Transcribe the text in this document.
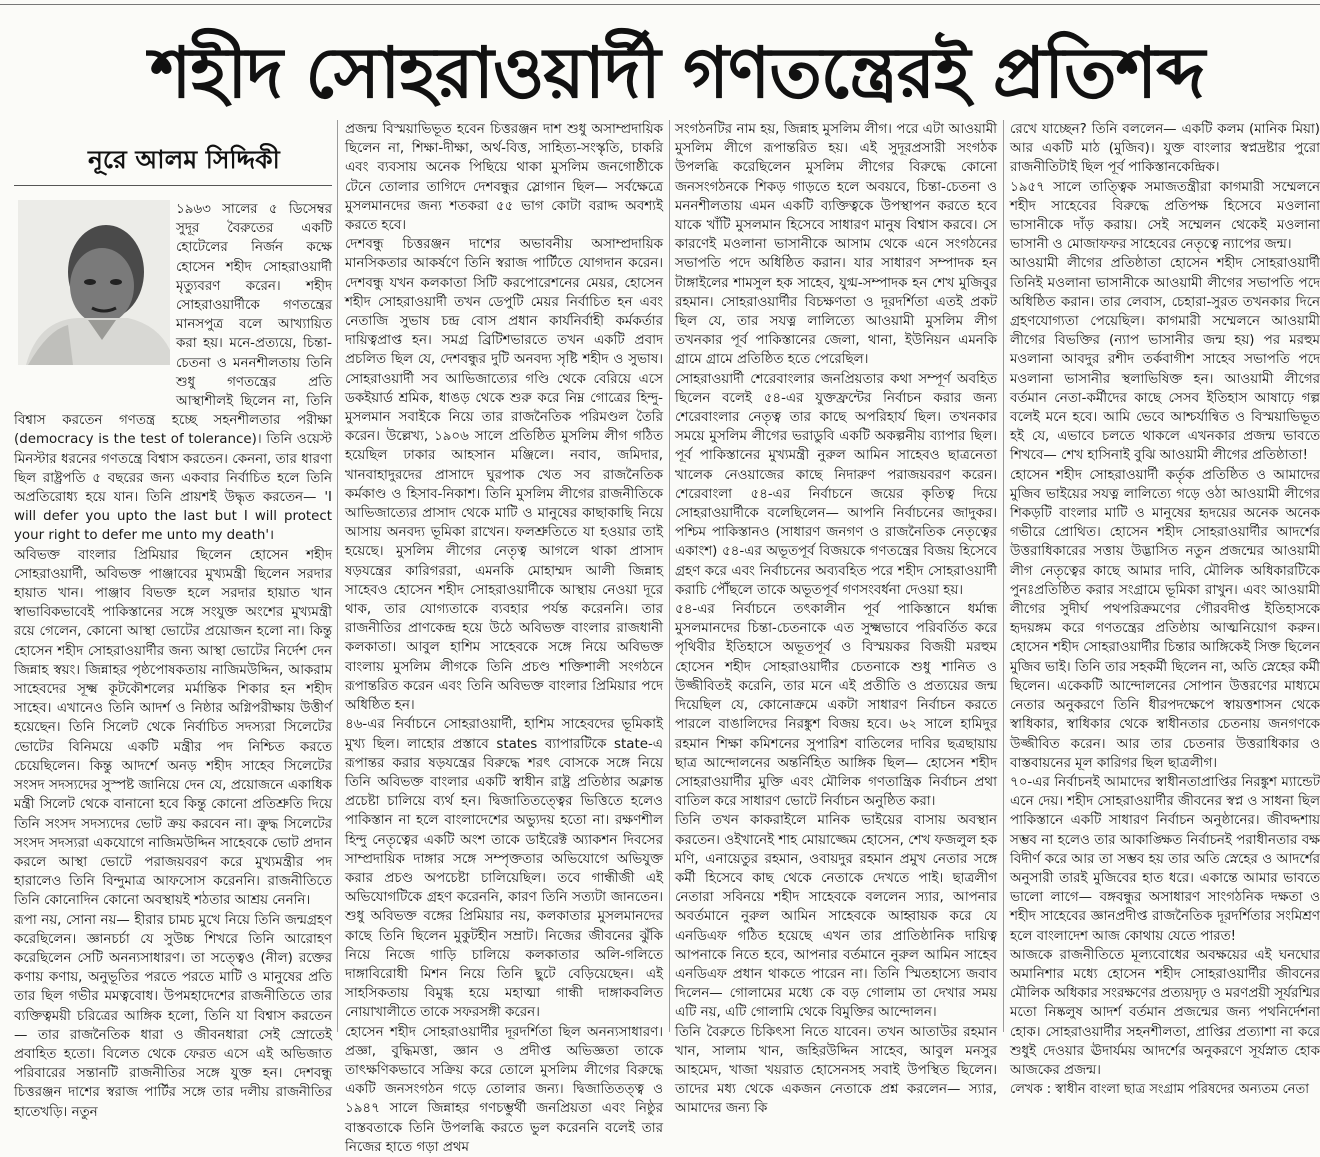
শহীদ সোহরাওয়ার্দী গণতন্ত্রেরই প্রতিশব্দ
নূরে আলম সিদ্দিকী

১৯৬৩ সালের ৫ ডিসেম্বর সুদূর বৈরুতের একটি হোটেলের নির্জন কক্ষে হোসেন শহীদ সোহরাওয়ার্দী মৃত্যুবরণ করেন। শহীদ সোহরাওয়ার্দীকে গণতন্ত্রের মানসপুত্র বলে আখ্যায়িত করা হয়। মনে-প্রত্যয়ে, চিন্তা-চেতনা ও মননশীলতায় তিনি শুধু গণতন্ত্রের প্রতি আস্থাশীলই ছিলেন না, তিনি বিশ্বাস করতেন গণতন্ত্র হচ্ছে সহনশীলতার পরীক্ষা (democracy is the test of tolerance)। তিনি ওয়েস্ট মিনস্টার ধরনের গণতন্ত্রে বিশ্বাস করতেন। কেননা, তার ধারণা ছিল রাষ্ট্রপতি ৫ বছরের জন্য একবার নির্বাচিত হলে তিনি অপ্রতিরোধ্য হয়ে যান। তিনি প্রায়শই উদ্ধৃত করতেন— 'I will defer you upto the last but I will protect your right to defer me unto my death'।

অবিভক্ত বাংলার প্রিমিয়ার ছিলেন হোসেন শহীদ সোহরাওয়ার্দী, অবিভক্ত পাঞ্জাবের মুখ্যমন্ত্রী ছিলেন সরদার হায়াত খান। পাঞ্জাব বিভক্ত হলে সরদার হায়াত খান স্বাভাবিকভাবেই পাকিস্তানের সঙ্গে সংযুক্ত অংশের মুখ্যমন্ত্রী রয়ে গেলেন, কোনো আস্থা ভোটের প্রয়োজন হলো না। কিন্তু হোসেন শহীদ সোহরাওয়ার্দীর জন্য আস্থা ভোটের নির্দেশ দেন জিন্নাহ স্বয়ং। জিন্নাহর পৃষ্ঠপোষকতায় নাজিমউদ্দিন, আকরাম সাহেবদের সূক্ষ্ম কূটকৌশলের মর্মান্তিক শিকার হন শহীদ সাহেব। এখানেও তিনি আদর্শ ও নিষ্ঠার অগ্নিপরীক্ষায় উত্তীর্ণ হয়েছেন। তিনি সিলেট থেকে নির্বাচিত সদস্যরা সিলেটের ভোটের বিনিময়ে একটি মন্ত্রীর পদ নিশ্চিত করতে চেয়েছিলেন। কিন্তু আদর্শে অনড় শহীদ সাহেব সিলেটের সংসদ সদস্যদের সুস্পষ্ট জানিয়ে দেন যে, প্রয়োজনে একাধিক মন্ত্রী সিলেট থেকে বানানো হবে কিন্তু কোনো প্রতিশ্রুতি দিয়ে তিনি সংসদ সদস্যদের ভোট ক্রয় করবেন না। ক্রুদ্ধ সিলেটের সংসদ সদস্যরা একযোগে নাজিমউদ্দিন সাহেবকে ভোট প্রদান করলে আস্থা ভোটে পরাজয়বরণ করে মুখ্যমন্ত্রীর পদ হারালেও তিনি বিন্দুমাত্র আফসোস করেননি। রাজনীতিতে তিনি কোনোদিন কোনো অবস্থায়ই শঠতার আশ্রয় নেননি।

রূপা নয়, সোনা নয়— হীরার চামচ মুখে নিয়ে তিনি জন্মগ্রহণ করেছিলেন। জ্ঞানচর্চা যে সুউচ্চ শিখরে তিনি আরোহণ করেছিলেন সেটি অনন্যসাধারণ। তা সত্ত্বেও (নীল) রক্তের কণায় কণায়, অনুভূতির পরতে পরতে মাটি ও মানুষের প্রতি তার ছিল গভীর মমত্ববোধ। উপমহাদেশের রাজনীতিতে তার ব্যক্তিত্বময়ী চরিত্রের আঙ্গিক হলো, তিনি যা বিশ্বাস করতেন— তার রাজনৈতিক ধারা ও জীবনধারা সেই স্রোতেই প্রবাহিত হতো। বিলেত থেকে ফেরত এসে এই অভিজাত পরিবারের সন্তানটি রাজনীতির সঙ্গে যুক্ত হন। দেশবন্ধু চিত্তরঞ্জন দাশের স্বরাজ পার্টির সঙ্গে তার দলীয় রাজনীতির হাতেখড়ি। নতুন

প্রজন্ম বিস্ময়াভিভূত হবেন চিত্তরঞ্জন দাশ শুধু অসাম্প্রদায়িক ছিলেন না, শিক্ষা-দীক্ষা, অর্থ-বিত্ত, সাহিত্য-সংস্কৃতি, চাকরি এবং ব্যবসায় অনেক পিছিয়ে থাকা মুসলিম জনগোষ্ঠীকে টেনে তোলার তাগিদে দেশবন্ধুর স্লোগান ছিল— সর্বক্ষেত্রে মুসলমানদের জন্য শতকরা ৫৫ ভাগ কোটা বরাদ্দ অবশ্যই করতে হবে।

দেশবন্ধু চিত্তরঞ্জন দাশের অভাবনীয় অসাম্প্রদায়িক মানসিকতার আকর্ষণে তিনি স্বরাজ পার্টিতে যোগদান করেন। দেশবন্ধু যখন কলকাতা সিটি করপোরেশনের মেয়র, হোসেন শহীদ সোহরাওয়ার্দী তখন ডেপুটি মেয়র নির্বাচিত হন এবং নেতাজি সুভাষ চন্দ্র বোস প্রধান কার্যনির্বাহী কর্মকর্তার দায়িত্বপ্রাপ্ত হন। সমগ্র ব্রিটিশভারতে তখন একটি প্রবাদ প্রচলিত ছিল যে, দেশবন্ধুর দুটি অনবদ্য সৃষ্টি শহীদ ও সুভাষ। সোহরাওয়ার্দী সব আভিজাত্যের গণ্ডি থেকে বেরিয়ে এসে ডকইয়ার্ড শ্রমিক, ধাঙড় থেকে শুরু করে নিম্ন গোত্রের হিন্দু-মুসলমান সবাইকে নিয়ে তার রাজনৈতিক পরিমণ্ডল তৈরি করেন। উল্লেখ্য, ১৯০৬ সালে প্রতিষ্ঠিত মুসলিম লীগ গঠিত হয়েছিল ঢাকার আহসান মঞ্জিলে। নবাব, জমিদার, খানবাহাদুরদের প্রাসাদে ঘুরপাক খেত সব রাজনৈতিক কর্মকাণ্ড ও হিসাব-নিকাশ। তিনি মুসলিম লীগের রাজনীতিকে আভিজাত্যের প্রাসাদ থেকে মাটি ও মানুষের কাছাকাছি নিয়ে আসায় অনবদ্য ভূমিকা রাখেন। ফলশ্রুতিতে যা হওয়ার তাই হয়েছে। মুসলিম লীগের নেতৃত্ব আগলে থাকা প্রাসাদ ষড়যন্ত্রের কারিগররা, এমনকি মোহাম্মদ আলী জিন্নাহ সাহেবও হোসেন শহীদ সোহরাওয়ার্দীকে আস্থায় নেওয়া দূরে থাক, তার যোগ্যতাকে ব্যবহার পর্যন্ত করেননি। তার রাজনীতির প্রাণকেন্দ্র হয়ে উঠে অবিভক্ত বাংলার রাজধানী কলকাতা। আবুল হাশিম সাহেবকে সঙ্গে নিয়ে অবিভক্ত বাংলায় মুসলিম লীগকে তিনি প্রচণ্ড শক্তিশালী সংগঠনে রূপান্তরিত করেন এবং তিনি অবিভক্ত বাংলার প্রিমিয়ার পদে অধিষ্ঠিত হন।

৪৬-এর নির্বাচনে সোহরাওয়ার্দী, হাশিম সাহেবদের ভূমিকাই মুখ্য ছিল। লাহোর প্রস্তাবে states ব্যাপারটিকে state-এ রূপান্তর করার ষড়যন্ত্রের বিরুদ্ধে শরৎ বোসকে সঙ্গে নিয়ে তিনি অবিভক্ত বাংলার একটি স্বাধীন রাষ্ট্র প্রতিষ্ঠার অক্লান্ত প্রচেষ্টা চালিয়ে ব্যর্থ হন। দ্বিজাতিতত্ত্বের ভিত্তিতে হলেও পাকিস্তান না হলে বাংলাদেশের অভ্যুদয় হতো না। রক্ষণশীল হিন্দু নেতৃত্বের একটি অংশ তাকে ডাইরেক্ট অ্যাকশন দিবসের সাম্প্রদায়িক দাঙ্গার সঙ্গে সম্পৃক্ততার অভিযোগে অভিযুক্ত করার প্রচণ্ড অপচেষ্টা চালিয়েছিল। তবে গান্ধীজী এই অভিযোগটিকে গ্রহণ করেননি, কারণ তিনি সত্যটা জানতেন। শুধু অবিভক্ত বঙ্গের প্রিমিয়ার নয়, কলকাতার মুসলমানদের কাছে তিনি ছিলেন মুকুটহীন সম্রাট। নিজের জীবনের ঝুঁকি নিয়ে নিজে গাড়ি চালিয়ে কলকাতার অলি-গলিতে দাঙ্গাবিরোধী মিশন নিয়ে তিনি ছুটে বেড়িয়েছেন। এই সাহসিকতায় বিমুগ্ধ হয়ে মহাত্মা গান্ধী দাঙ্গাকবলিত নোয়াখালীতে তাকে সফরসঙ্গী করেন।

হোসেন শহীদ সোহরাওয়ার্দীর দূরদর্শিতা ছিল অনন্যসাধারণ। প্রজ্ঞা, বুদ্ধিমত্তা, জ্ঞান ও প্রদীপ্ত অভিজ্ঞতা তাকে তাৎক্ষণিকভাবে সক্রিয় করে তোলে মুসলিম লীগের বিরুদ্ধে একটি জনসংগঠন গড়ে তোলার জন্য। দ্বিজাতিতত্ত্ব ও ১৯৪৭ সালে জিন্নাহর গণচম্ভুর্থী জনপ্রিয়তা এবং নিষ্ঠুর বাস্তবতাকে তিনি উপলব্ধি করতে ভুল করেননি বলেই তার নিজের হাতে গড়া প্রথম

সংগঠনটির নাম হয়, জিন্নাহ মুসলিম লীগ। পরে এটা আওয়ামী মুসলিম লীগে রূপান্তরিত হয়। এই সুদূরপ্রসারী সংগঠক উপলব্ধি করেছিলেন মুসলিম লীগের বিরুদ্ধে কোনো জনসংগঠনকে শিকড় গাড়তে হলে অবয়বে, চিন্তা-চেতনা ও মননশীলতায় এমন একটি ব্যক্তিত্বকে উপস্থাপন করতে হবে যাকে খাঁটি মুসলমান হিসেবে সাধারণ মানুষ বিশ্বাস করবে। সে কারণেই মওলানা ভাসানীকে আসাম থেকে এনে সংগঠনের সভাপতি পদে অধিষ্ঠিত করান। যার সাধারণ সম্পাদক হন টাঙ্গাইলের শামসুল হক সাহেব, যুগ্ম-সম্পাদক হন শেখ মুজিবুর রহমান। সোহরাওয়ার্দীর বিচক্ষণতা ও দূরদর্শিতা এতই প্রকট ছিল যে, তার সযত্ন লালিত্যে আওয়ামী মুসলিম লীগ তখনকার পূর্ব পাকিস্তানের জেলা, থানা, ইউনিয়ন এমনকি গ্রামে গ্রামে প্রতিষ্ঠিত হতে পেরেছিল।

সোহরাওয়ার্দী শেরেবাংলার জনপ্রিয়তার কথা সম্পূর্ণ অবহিত ছিলেন বলেই ৫৪-এর যুক্তফ্রন্টের নির্বাচন করার জন্য শেরেবাংলার নেতৃত্ব তার কাছে অপরিহার্য ছিল। তখনকার সময়ে মুসলিম লীগের ভরাডুবি একটি অকল্পনীয় ব্যাপার ছিল। পূর্ব পাকিস্তানের মুখ্যমন্ত্রী নুরুল আমিন সাহেবও ছাত্রনেতা খালেক নেওয়াজের কাছে নিদারুণ পরাজয়বরণ করেন। শেরেবাংলা ৫৪-এর নির্বাচনে জয়ের কৃতিত্ব দিয়ে সোহরাওয়ার্দীকে বলেছিলেন— আপনি নির্বাচনের জাদুকর। পশ্চিম পাকিস্তানও (সাধারণ জনগণ ও রাজনৈতিক নেতৃত্বের একাংশ) ৫৪-এর অভূতপূর্ব বিজয়কে গণতন্ত্রের বিজয় হিসেবে গ্রহণ করে এবং নির্বাচনের অব্যবহিত পরে শহীদ সোহরাওয়ার্দী করাচি পৌঁছলে তাকে অভূতপূর্ব গণসংবর্ধনা দেওয়া হয়।

৫৪-এর নির্বাচনে তৎকালীন পূর্ব পাকিস্তানে ধর্মান্ধ মুসলমানদের চিন্তা-চেতনাকে এত সুক্ষ্মভাবে পরিবর্তিত করে পৃথিবীর ইতিহাসে অভূতপূর্ব ও বিস্ময়কর বিজয়ী মরহুম হোসেন শহীদ সোহরাওয়ার্দীর চেতনাকে শুধু শানিত ও উজ্জীবিতই করেনি, তার মনে এই প্রতীতি ও প্রত্যয়ের জন্ম দিয়েছিল যে, কোনোক্রমে একটা সাধারণ নির্বাচন করতে পারলে বাঙালিদের নিরঙ্কুশ বিজয় হবে। ৬২ সালে হামিদুর রহমান শিক্ষা কমিশনের সুপারিশ বাতিলের দাবির ছত্রছায়ায় ছাত্র আন্দোলনের অন্তর্নিহিত আঙ্গিক ছিল— হোসেন শহীদ সোহরাওয়ার্দীর মুক্তি এবং মৌলিক গণতান্ত্রিক নির্বাচন প্রথা বাতিল করে সাধারণ ভোটে নির্বাচন অনুষ্ঠিত করা।

তিনি তখন কাকরাইলে মানিক ভাইয়ের বাসায় অবস্থান করতেন। ওইখানেই শাহ মোয়াজ্জেম হোসেন, শেখ ফজলুল হক মণি, এনায়েতুর রহমান, ওবায়দুর রহমান প্রমুখ নেতার সঙ্গে কর্মী হিসেবে কাছ থেকে নেতাকে দেখতে পাই। ছাত্রলীগ নেতারা সবিনয়ে শহীদ সাহেবকে বললেন স্যার, আপনার অবর্তমানে নুরুল আমিন সাহেবকে আহ্বায়ক করে যে এনডিএফ গঠিত হয়েছে এখন তার প্রাতিষ্ঠানিক দায়িত্ব আপনাকে নিতে হবে, আপনার বর্তমানে নুরুল আমিন সাহেব এনডিএফ প্রধান থাকতে পারেন না। তিনি স্মিতহাস্যে জবাব দিলেন— গোলামের মধ্যে কে বড় গোলাম তা দেখার সময় এটি নয়, এটি গোলামি থেকে বিমুক্তির আন্দোলন।

তিনি বৈরুতে চিকিৎসা নিতে যাবেন। তখন আতাউর রহমান খান, সালাম খান, জহিরউদ্দিন সাহেব, আবুল মনসুর আহমেদ, খাজা খয়রাত হোসেনসহ সবাই উপস্থিত ছিলেন। তাদের মধ্য থেকে একজন নেতাকে প্রশ্ন করলেন— স্যার, আমাদের জন্য কি

রেখে যাচ্ছেন? তিনি বললেন— একটি কলম (মানিক মিয়া) আর একটি মাঠ (মুজিব)। যুক্ত বাংলার স্বপ্নদ্রষ্টার পুরো রাজনীতিটাই ছিল পূর্ব পাকিস্তানকেন্দ্রিক।

১৯৫৭ সালে তাত্ত্বিক সমাজতন্ত্রীরা কাগমারী সম্মেলনে শহীদ সাহেবের বিরুদ্ধে প্রতিপক্ষ হিসেবে মওলানা ভাসানীকে দাঁড় করায়। সেই সম্মেলন থেকেই মওলানা ভাসানী ও মোজাফফর সাহেবের নেতৃত্বে ন্যাপের জন্ম।

আওয়ামী লীগের প্রতিষ্ঠাতা হোসেন শহীদ সোহরাওয়ার্দী তিনিই মওলানা ভাসানীকে আওয়ামী লীগের সভাপতি পদে অধিষ্ঠিত করান। তার লেবাস, চেহারা-সুরত তখনকার দিনে গ্রহণযোগ্যতা পেয়েছিল। কাগমারী সম্মেলনে আওয়ামী লীগের বিভক্তির (ন্যাপ ভাসানীর জন্ম হয়) পর মরহুম মওলানা আবদুর রশীদ তর্কবাগীশ সাহেব সভাপতি পদে মওলানা ভাসানীর স্থলাভিষিক্ত হন। আওয়ামী লীগের বর্তমান নেতা-কর্মীদের কাছে সেসব ইতিহাস আষাঢ়ে গল্প বলেই মনে হবে। আমি ভেবে আশ্চর্যান্বিত ও বিস্ময়াভিভূত হই যে, এভাবে চলতে থাকলে এখনকার প্রজন্ম ভাবতে শিখবে— শেখ হাসিনাই বুঝি আওয়ামী লীগের প্রতিষ্ঠাতা!

হোসেন শহীদ সোহরাওয়ার্দী কর্তৃক প্রতিষ্ঠিত ও আমাদের মুজিব ভাইয়ের সযত্ন লালিত্যে গড়ে ওঠা আওয়ামী লীগের শিকড়টি বাংলার মাটি ও মানুষের হৃদয়ের অনেক অনেক গভীরে প্রোথিত। হোসেন শহীদ সোহরাওয়ার্দীর আদর্শের উত্তরাধিকারের সত্তায় উদ্ভাসিত নতুন প্রজন্মের আওয়ামী লীগ নেতৃত্বের কাছে আমার দাবি, মৌলিক অধিকারটিকে পুনঃপ্রতিষ্ঠিত করার সংগ্রামে ভূমিকা রাখুন। এবং আওয়ামী লীগের সুদীর্ঘ পথপরিক্রমণের গৌরবদীপ্ত ইতিহাসকে হৃদয়ঙ্গম করে গণতন্ত্রের প্রতিষ্ঠায় আত্মনিয়োগ করুন। হোসেন শহীদ সোহরাওয়ার্দীর চিন্তার আঙ্গিকেই সিক্ত ছিলেন মুজিব ভাই। তিনি তার সহকর্মী ছিলেন না, অতি স্নেহের কর্মী ছিলেন। একেকটি আন্দোলনের সোপান উত্তরণের মাধ্যমে নেতার অনুকরণে তিনি ধীরপদক্ষেপে স্বায়ত্তশাসন থেকে স্বাধিকার, স্বাধিকার থেকে স্বাধীনতার চেতনায় জনগণকে উজ্জীবিত করেন। আর তার চেতনার উত্তরাধিকার ও বাস্তবায়নের মূল কারিগর ছিল ছাত্রলীগ।

৭০-এর নির্বাচনই আমাদের স্বাধীনতাপ্রাপ্তির নিরঙ্কুশ ম্যান্ডেট এনে দেয়। শহীদ সোহরাওয়ার্দীর জীবনের স্বপ্ন ও সাধনা ছিল পাকিস্তানে একটি সাধারণ নির্বাচন অনুষ্ঠানের। জীবদ্দশায় সম্ভব না হলেও তার আকাঙ্ক্ষিত নির্বাচনই পরাধীনতার বক্ষ বিদীর্ণ করে আর তা সম্ভব হয় তার অতি স্নেহের ও আদর্শের অনুসারী তারই মুজিবের হাত ধরে। একান্তে আমার ভাবতে ভালো লাগে— বঙ্গবন্ধুর অসাধারণ সাংগঠনিক দক্ষতা ও শহীদ সাহেবের জ্ঞানপ্রদীপ্ত রাজনৈতিক দূরদর্শিতার সংমিশ্রণ হলে বাংলাদেশ আজ কোথায় যেতে পারত!

আজকে রাজনীতিতে মূল্যবোধের অবক্ষয়ের এই ঘনঘোর অমানিশার মধ্যে হোসেন শহীদ সোহরাওয়ার্দীর জীবনের মৌলিক অধিকার সংরক্ষণের প্রত্যয়দৃঢ় ও মরণপ্রয়ী সূর্যরশ্মির মতো নিষ্কলুষ আদর্শ বর্তমান প্রজন্মের জন্য পথনির্দেশনা হোক। সোহরাওয়ার্দীর সহনশীলতা, প্রাপ্তির প্রত্যাশা না করে শুধুই দেওয়ার ঊদার্যময় আদর্শের অনুকরণে সূর্যস্নাত হোক আজকের প্রজন্ম।

লেখক : স্বাধীন বাংলা ছাত্র সংগ্রাম পরিষদের অন্যতম নেতা
